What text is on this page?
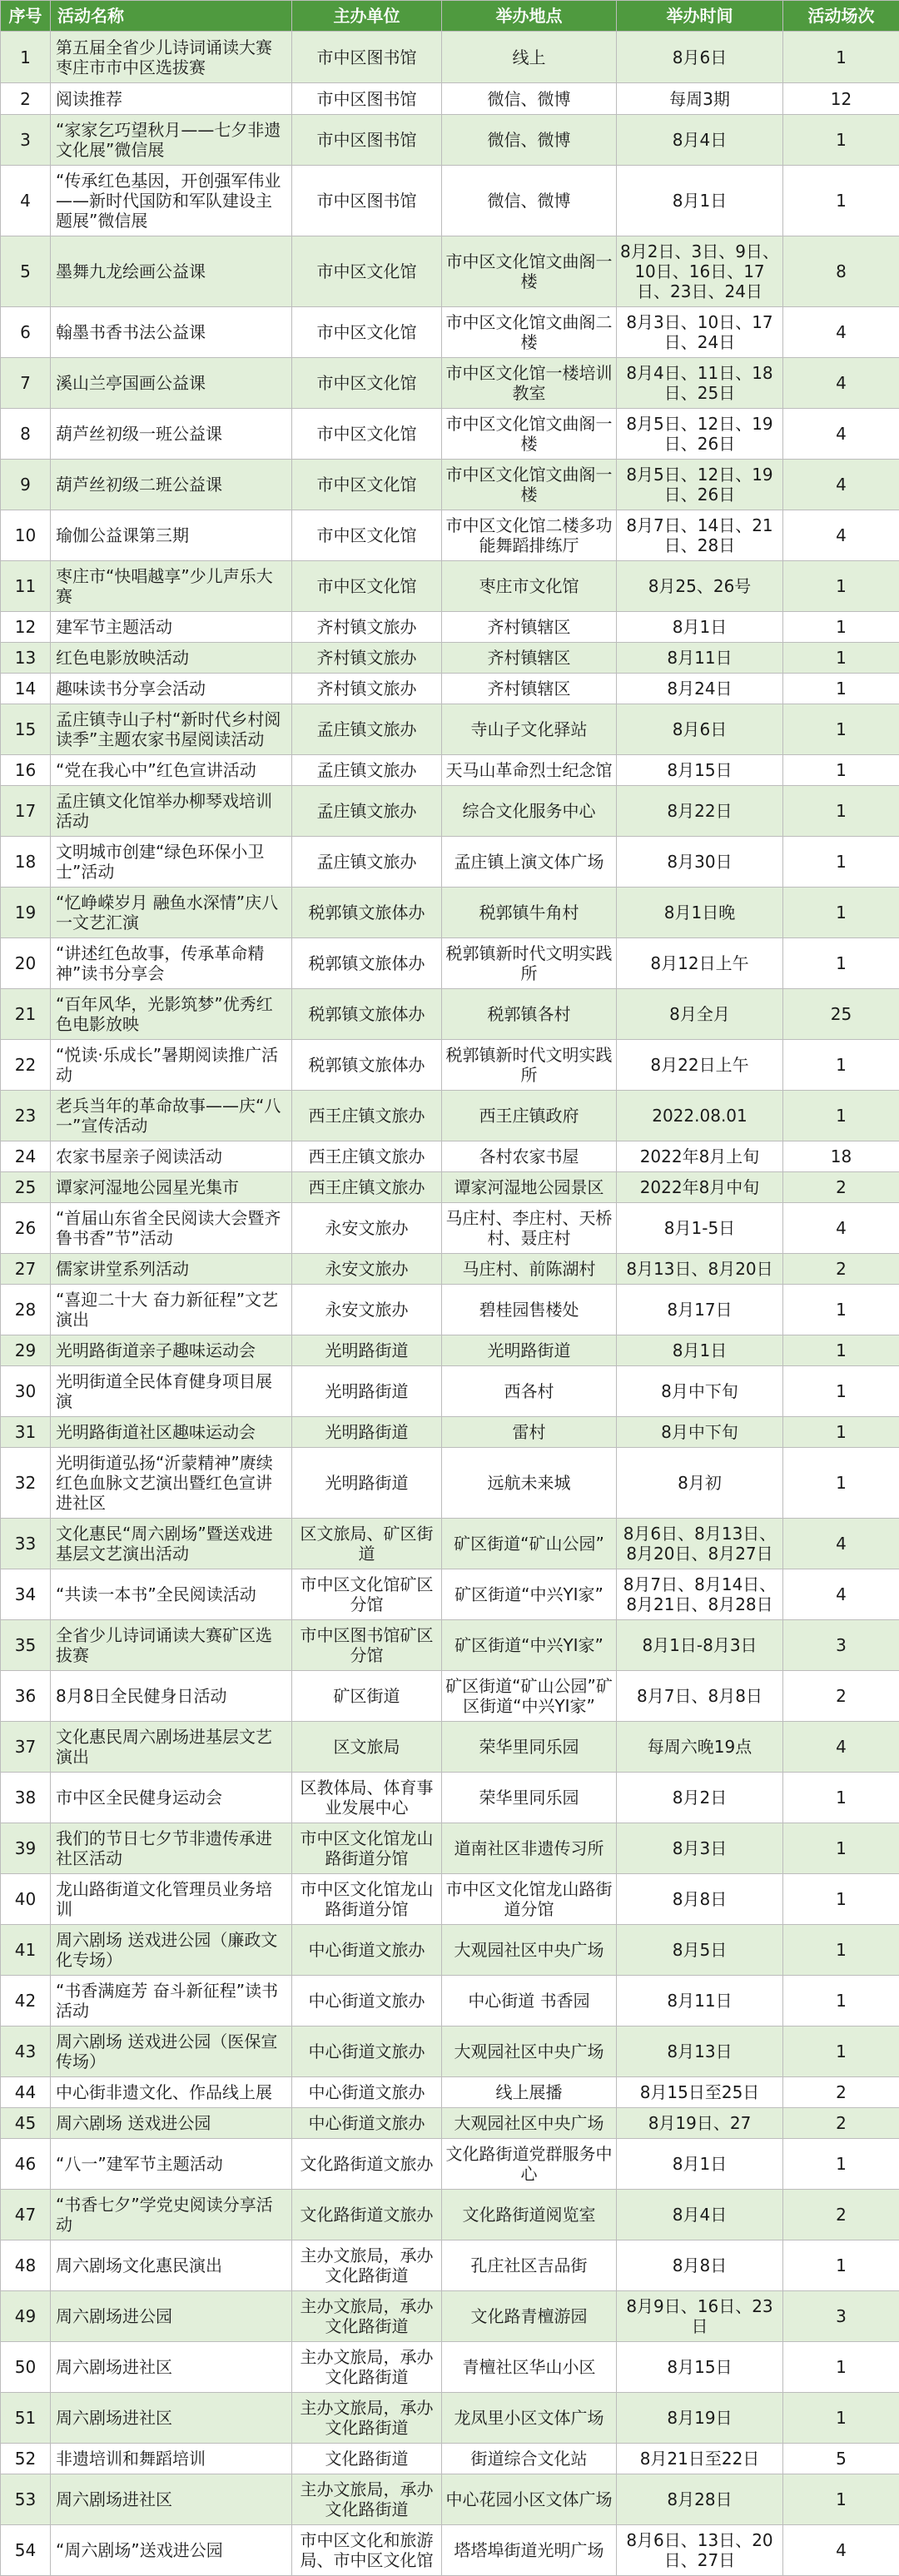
序号	活动名称	主办单位	举办地点	举办时间	活动场次
1	第五届全省少儿诗词诵读大赛枣庄市市中区选拔赛	市中区图书馆	线上	8月6日	1
2	阅读推荐	市中区图书馆	微信、微博	每周3期	12
3	“家家乞巧望秋月——七夕非遗文化展”微信展	市中区图书馆	微信、微博	8月4日	1
4	“传承红色基因，开创强军伟业——新时代国防和军队建设主题展”微信展	市中区图书馆	微信、微博	8月1日	1
5	墨舞九龙绘画公益课	市中区文化馆	市中区文化馆文曲阁一楼	8月2日、3日、9日、10日、16日、17日、23日、24日	8
6	翰墨书香书法公益课	市中区文化馆	市中区文化馆文曲阁二楼	8月3日、10日、17日、24日	4
7	溪山兰亭国画公益课	市中区文化馆	市中区文化馆一楼培训教室	8月4日、11日、18日、25日	4
8	葫芦丝初级一班公益课	市中区文化馆	市中区文化馆文曲阁一楼	8月5日、12日、19日、26日	4
9	葫芦丝初级二班公益课	市中区文化馆	市中区文化馆文曲阁一楼	8月5日、12日、19日、26日	4
10	瑜伽公益课第三期	市中区文化馆	市中区文化馆二楼多功能舞蹈排练厅	8月7日、14日、21日、28日	4
11	枣庄市“快唱越享”少儿声乐大赛	市中区文化馆	枣庄市文化馆	8月25、26号	1
12	建军节主题活动	齐村镇文旅办	齐村镇辖区	8月1日	1
13	红色电影放映活动	齐村镇文旅办	齐村镇辖区	8月11日	1
14	趣味读书分享会活动	齐村镇文旅办	齐村镇辖区	8月24日	1
15	孟庄镇寺山子村“新时代乡村阅读季”主题农家书屋阅读活动	孟庄镇文旅办	寺山子文化驿站	8月6日	1
16	“党在我心中”红色宣讲活动	孟庄镇文旅办	天马山革命烈士纪念馆	8月15日	1
17	孟庄镇文化馆举办柳琴戏培训活动	孟庄镇文旅办	综合文化服务中心	8月22日	1
18	文明城市创建“绿色环保小卫士”活动	孟庄镇文旅办	孟庄镇上演文体广场	8月30日	1
19	“忆峥嵘岁月 融鱼水深情”庆八一文艺汇演	税郭镇文旅体办	税郭镇牛角村	8月1日晚	1
20	“讲述红色故事，传承革命精神”读书分享会	税郭镇文旅体办	税郭镇新时代文明实践所	8月12日上午	1
21	“百年风华，光影筑梦”优秀红色电影放映	税郭镇文旅体办	税郭镇各村	8月全月	25
22	“悦读·乐成长”暑期阅读推广活动	税郭镇文旅体办	税郭镇新时代文明实践所	8月22日上午	1
23	老兵当年的革命故事——庆“八一”宣传活动	西王庄镇文旅办	西王庄镇政府	2022.08.01	1
24	农家书屋亲子阅读活动	西王庄镇文旅办	各村农家书屋	2022年8月上旬	18
25	谭家河湿地公园星光集市	西王庄镇文旅办	谭家河湿地公园景区	2022年8月中旬	2
26	“首届山东省全民阅读大会暨齐鲁书香”节”活动	永安文旅办	马庄村、李庄村、天桥村、聂庄村	8月1-5日	4
27	儒家讲堂系列活动	永安文旅办	马庄村、前陈湖村	8月13日、8月20日	2
28	“喜迎二十大 奋力新征程”文艺演出	永安文旅办	碧桂园售楼处	8月17日	1
29	光明路街道亲子趣味运动会	光明路街道	光明路街道	8月1日	1
30	光明街道全民体育健身项目展演	光明路街道	西各村	8月中下旬	1
31	光明路街道社区趣味运动会	光明路街道	雷村	8月中下旬	1
32	光明街道弘扬“沂蒙精神”赓续红色血脉文艺演出暨红色宣讲进社区	光明路街道	远航未来城	8月初	1
33	文化惠民“周六剧场”暨送戏进基层文艺演出活动	区文旅局、矿区街道	矿区街道“矿山公园”	8月6日、8月13日、8月20日、8月27日	4
34	“共读一本书”全民阅读活动	市中区文化馆矿区分馆	矿区街道“中兴YI家”	8月7日、8月14日、8月21日、8月28日	4
35	全省少儿诗词诵读大赛矿区选拔赛	市中区图书馆矿区分馆	矿区街道“中兴YI家”	8月1日-8月3日	3
36	8月8日全民健身日活动	矿区街道	矿区街道“矿山公园”矿区街道“中兴YI家”	8月7日、8月8日	2
37	文化惠民周六剧场进基层文艺演出	区文旅局	荣华里同乐园	每周六晚19点	4
38	市中区全民健身运动会	区教体局、体育事业发展中心	荣华里同乐园	8月2日	1
39	我们的节日七夕节非遗传承进社区活动	市中区文化馆龙山路街道分馆	道南社区非遗传习所	8月3日	1
40	龙山路街道文化管理员业务培训	市中区文化馆龙山路街道分馆	市中区文化馆龙山路街道分馆	8月8日	1
41	周六剧场 送戏进公园（廉政文化专场）	中心街道文旅办	大观园社区中央广场	8月5日	1
42	“书香满庭芳 奋斗新征程”读书活动	中心街道文旅办	中心街道 书香园	8月11日	1
43	周六剧场 送戏进公园（医保宣传场）	中心街道文旅办	大观园社区中央广场	8月13日	1
44	中心街非遗文化、作品线上展	中心街道文旅办	线上展播	8月15日至25日	2
45	周六剧场 送戏进公园	中心街道文旅办	大观园社区中央广场	8月19日、27	2
46	“八一”建军节主题活动	文化路街道文旅办	文化路街道党群服务中心	8月1日	1
47	“书香七夕”学党史阅读分享活动	文化路街道文旅办	文化路街道阅览室	8月4日	2
48	周六剧场文化惠民演出	主办文旅局，承办文化路街道	孔庄社区吉品街	8月8日	1
49	周六剧场进公园	主办文旅局，承办文化路街道	文化路青檀游园	8月9日、16日、23日	3
50	周六剧场进社区	主办文旅局，承办文化路街道	青檀社区华山小区	8月15日	1
51	周六剧场进社区	主办文旅局，承办文化路街道	龙凤里小区文体广场	8月19日	1
52	非遗培训和舞蹈培训	文化路街道	街道综合文化站	8月21日至22日	5
53	周六剧场进社区	主办文旅局，承办文化路街道	中心花园小区文体广场	8月28日	1
54	“周六剧场”送戏进公园	市中区文化和旅游局、市中区文化馆	塔塔埠街道光明广场	8月6日、13日、20日、27日	4
